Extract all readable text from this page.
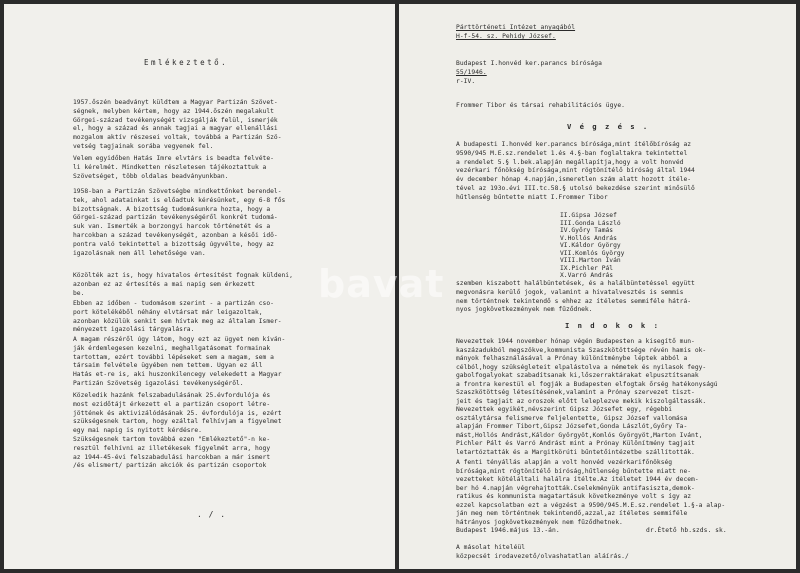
Emlékeztető.
1957.őszén beadványt küldtem a Magyar Partizán Szövet-
ségnek, melyben kértem, hogy az 1944.őszén megalakult
Görgei-század tevékenységét vizsgálják felül, ismerjék
el, hogy a század és annak tagjai a magyar ellenállási
mozgalom aktív részesei voltak, továbbá a Partizán Szö-
vetség tagjainak sorába vegyenek fel.
Velem egyidőben Hatás Imre elvtárs is beadta felvéte-
li kérelmét. Mindketten részletesen tájékoztattuk a
Szövetséget, több oldalas beadványunkban.
1958-ban a Partizán Szövetségbe mindkettőnket berendel-
tek, ahol adatainkat is előadtuk kérésünket, egy 6-8 fős
bizottságnak. A bizottság tudomásunkra hozta, hogy a
Görgei-század partizán tevékenységéről konkrét tudomá-
suk van. Ismerték a borzongyi harcok történetét és a
harcokban a század tevékenységét, azonban a késői idő-
pontra való tekintettel a bizottság úgyvélte, hogy az
igazolásnak nem áll lehetősége van.
Közölték azt is, hogy hivatalos értesítést fognak küldeni,
azonban ez az értesítés a mai napig sem érkezett
be.
Ebben az időben - tudomásom szerint - a partizán cso-
port kötelékéből néhány elvtársat már leigazoltak,
azonban közülük senkit sem hívtak meg az általam Ismer-
ményezett igazolási tárgyalásra.
A magam részéről úgy látom, hogy ezt az ügyet nem kíván-
ják érdemlegesen kezelni, meghallgatásomat formainak
tartottam, ezért további lépéseket sem a magam, sem a
társaim felvétele ügyében nem tettem. Ugyan ez áll
Hatás et-re is, aki huszonkilencegy velekedett a Magyar
Partizán Szövetség igazolási tevékenységéről.
Közeledik hazánk felszabadulásának 25.évfordulója és
most ezidőtájt érkezett el a partizán csoport létre-
jöttének és aktivizálódásának 25. évfordulója is, ezért
szükségesnek tartom, hogy ezáltal felhívjam a figyelmet
egy mai napig is nyitott kérdésre.
Szükségesnek tartom továbbá ezen "Emlékeztető"-n ke-
resztül felhívni az illetékesek figyelmét arra, hogy
az 1944-45-évi felszabadulási harcokban a már ismert
/és elismert/ partizán akciók és partizán csoportok
. / .
Párttörténeti Intézet anyagából
H-f-54. sz. Pehidy József.
Budapest I.honvéd ker.parancs bírósága
55/1946.
r-IV.
Frommer Tibor és társai rehabilitációs ügye.
V é g z é s .
A budapesti I.honvéd ker.parancs bírósága,mint ítélőbíróság az
9590/945 M.E.sz.rendelet 1.és 4.§-ban foglaltakra tekintettel
a rendelet 5.§ l.bek.alapján megállapítja,hogy a volt honvéd
vezérkari főnökség bírósága,mint rögtönítélő bíróság által 1944
év december hónap 4.napján,ismeretlen szám alatt hozott ítéle-
tével az 193o.évi III.tc.58.§ utolsó bekezdése szerint minősülő
hűtlenség bűntette miatt I.Frommer Tibor
II.Gipsa József
III.Gonda László
IV.Győry Tamás
V.Hollós András
VI.Káldor György
VII.Komlós György
VIII.Marton Iván
IX.Pichler Pál
X.Varró András
szemben kiszabott halálbüntetések, és a halálbüntetéssel együtt
megvonásra kerülő jogok, valamint a hivatalvesztés is semmis
nem történtnek tekintendő s ehhez az ítéletes semmiféle hátrá-
nyos jogkövetkezmények nem fűződnek.
I n d o k o k :
Nevezettek 1944 november hónap végén Budapesten a kisegítő mun-
kaszázadukból megszökve,kommunista Szaszkötöttsége révén hamis ok-
mányok felhasználásával a Prónay különítménybe léptek abból a
célból,hogy szükségleteit elpalástolva a németek és nyilasok fegy-
gabolfogalyokat szabadítsanak ki,lőszerraktárakat elpusztítsanak
a frontra kerestül el fogják a Budapesten elfogtak őrség hatékonyságú
Szaszkötöttség létesítésének,valamint a Prónay szervezet tiszt-
jeit és tagjait az oroszok előtt leleplezve mekik kiszolgáltassák.
Nevezettek egyikét,névszerint Gipsz Józsefet egy, régebbi
osztálytársa felismerve feljelentette, Gipsz József vallomása
alapján Frommer Tibort,Gipsz Józsefet,Gonda Lászlót,Győry Ta-
mást,Hollós Andrást,Káldor Györgyöt,Komlós Györgyöt,Marton Ivánt,
Pichler Pált és Varró Andrást mint a Prónay Különítmény tagjait
letartóztatták és a Margitkörúti bűntetőintézetbe szállították.
A fenti tényállás alapján a volt honvéd vezérkarifőnökség
bírósága,mint rögtönítélő bíróság,hűtlenség bűntette miatt ne-
vezetteket kötéláltali halálra ítélte.Az ítéletet 1944 év decem-
ber hó 4.napján végrehajtották.Cselekményük antifasiszta,demok-
ratikus és kommunista magatartásuk következménye volt s így az
ezzel kapcsolatban ezt a végzést a 9590/945.M.E.sz.rendelet 1.§-a alap-
ján meg nem történtnek tekintendő,azzal,az ítéletes semmiféle
hátrányos jogkövetkezmények nem fűződhetnek.
Budapest 1946.május 13.-án.	dr.Étető hb.szds. sk.
A másolat hiteléül
közpecsét irodavezető/olvashatatlan aláírás./
bavat
